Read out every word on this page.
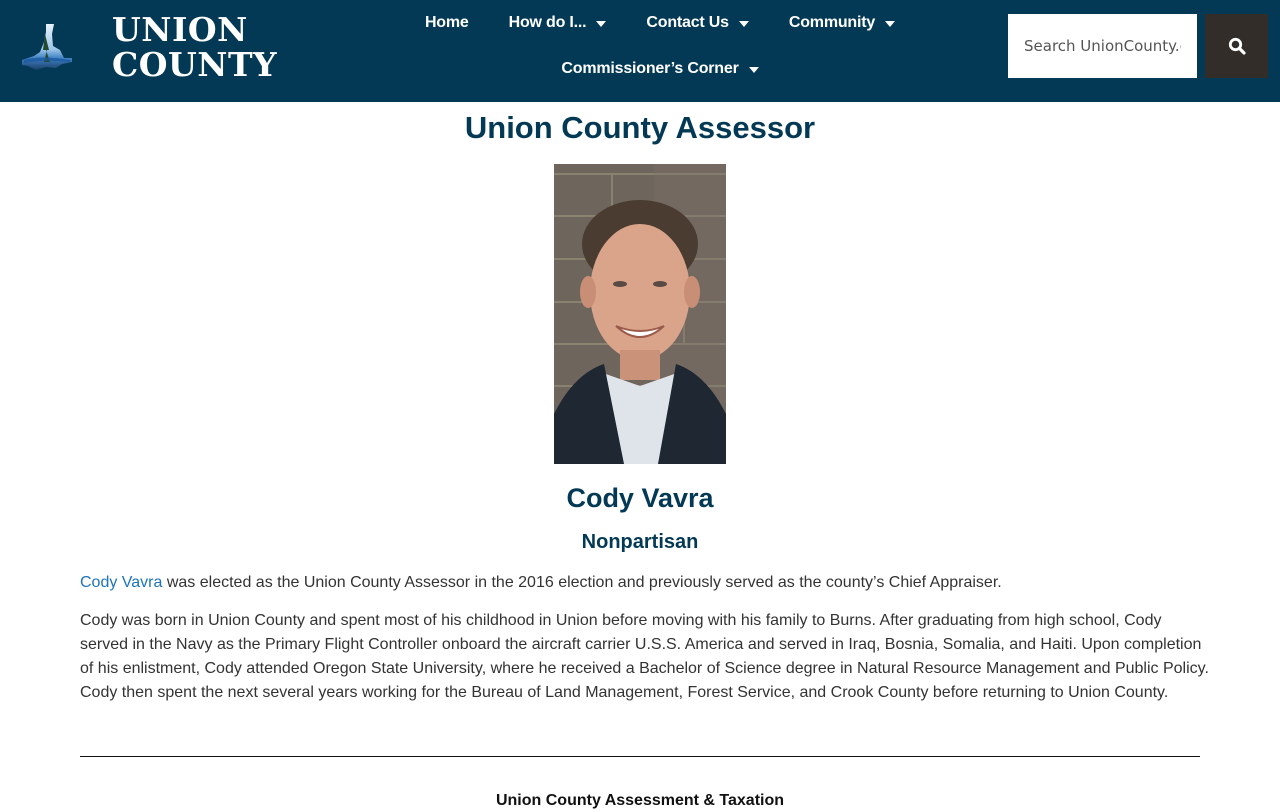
UNION
COUNTY
Home	How do I...	Contact Us	Community
Commissioner’s Corner
Search UnionCounty.org
Union County Assessor
Cody Vavra
Nonpartisan

Cody Vavra was elected as the Union County Assessor in the 2016 election and previously served as the county’s Chief Appraiser.

Cody was born in Union County and spent most of his childhood in Union before moving with his family to Burns. After graduating from high school, Cody served in the Navy as the Primary Flight Controller onboard the aircraft carrier U.S.S. America and served in Iraq, Bosnia, Somalia, and Haiti. Upon completion of his enlistment, Cody attended Oregon State University, where he received a Bachelor of Science degree in Natural Resource Management and Public Policy. Cody then spent the next several years working for the Bureau of Land Management, Forest Service, and Crook County before returning to Union County.

Union County Assessment & Taxation
